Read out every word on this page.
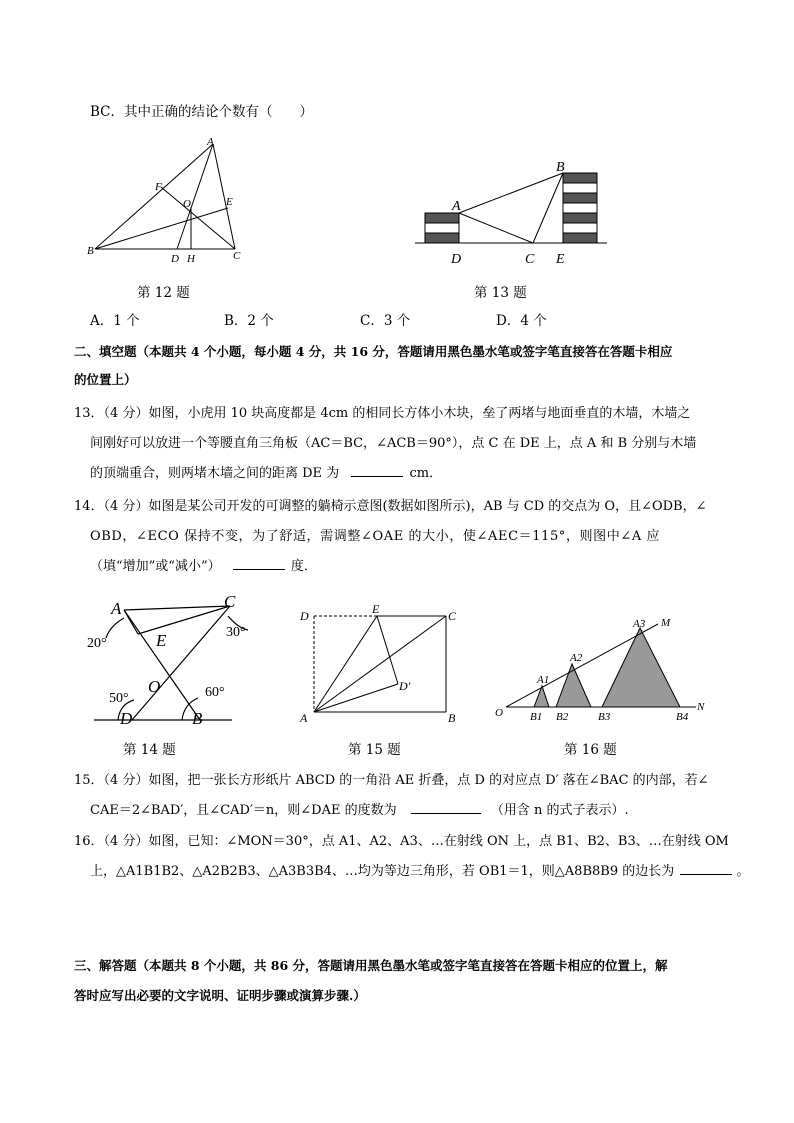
BC．其中正确的结论个数有（　　）
A
B	C
D H
E
F
O
第 12 题
A
B
C
D	E
第 13 题
A．1 个	B．2 个	C．3 个	D．4 个
二、填空题（本题共 4 个小题，每小题 4 分，共 16 分，答题请用黑色墨水笔或签字笔直接答在答题卡相应
的位置上）
13．（4 分）如图，小虎用 10 块高度都是 4cm 的相同长方体小木块，垒了两堵与地面垂直的木墙，木墙之
间刚好可以放进一个等腰直角三角板（AC＝BC，∠ACB＝90°），点 C 在 DE 上，点 A 和 B 分别与木墙
的顶端重合，则两堵木墙之间的距离 DE 为	cm．
14．（4 分）如图是某公司开发的可调整的躺椅示意图(数据如图所示)，AB 与 CD 的交点为 O，且∠ODB，∠
OBD，∠ECO 保持不变，为了舒适，需调整∠OAE 的大小，使∠AEC＝115°，则图中∠A 应
（填“增加”或“减小”）	度．
A
B
C
D
E
O
20°
30°
50°	60°
第 14 题
A	B
C
D	E
D′
第 15 题
O
M
N
A1
A2
A3
B1 B2	B3	B4
第 16 题
15．（4 分）如图，把一张长方形纸片 ABCD 的一角沿 AE 折叠，点 D 的对应点 D′ 落在∠BAC 的内部，若∠
CAE＝2∠BAD′，且∠CAD′＝n，则∠DAE 的度数为	（用含 n 的式子表示）.
16．（4 分）如图，已知：∠MON＝30°，点 A1、A2、A3、…在射线 ON 上，点 B1、B2、B3、…在射线 OM
上，△A1B1B2、△A2B2B3、△A3B3B4、…均为等边三角形，若 OB1＝1，则△A8B8B9 的边长为	。
三、解答题（本题共 8 个小题，共 86 分，答题请用黑色墨水笔或签字笔直接答在答题卡相应的位置上，解
答时应写出必要的文字说明、证明步骤或演算步骤.）
